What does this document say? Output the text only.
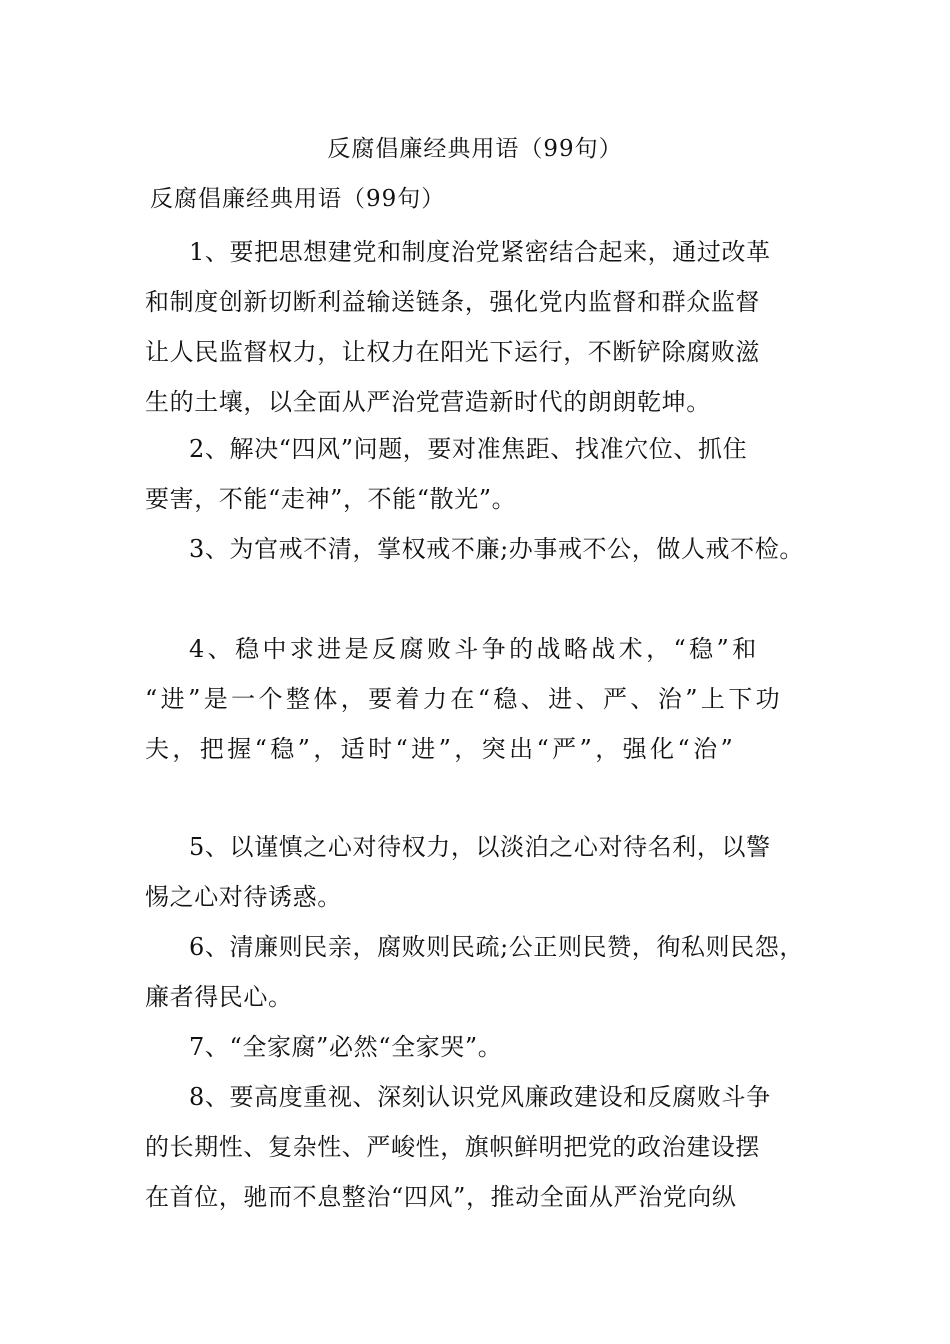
反腐倡廉经典用语（99句）
反腐倡廉经典用语（99句）
1、要把思想建党和制度治党紧密结合起来，通过改革
和制度创新切断利益输送链条，强化党内监督和群众监督
让人民监督权力，让权力在阳光下运行，不断铲除腐败滋
生的土壤，以全面从严治党营造新时代的朗朗乾坤。
2、解决“四风”问题，要对准焦距、找准穴位、抓住
要害，不能“走神”，不能“散光”。
3、为官戒不清，掌权戒不廉;办事戒不公，做人戒不检。
4、稳中求进是反腐败斗争的战略战术，“稳”和
“进”是一个整体，要着力在“稳、进、严、治”上下功
夫，把握“稳”，适时“进”，突出“严”，强化“治”
5、以谨慎之心对待权力，以淡泊之心对待名利，以警
惕之心对待诱惑。
6、清廉则民亲，腐败则民疏;公正则民赞，徇私则民怨，
廉者得民心。
7、“全家腐”必然“全家哭”。
8、要高度重视、深刻认识党风廉政建设和反腐败斗争
的长期性、复杂性、严峻性，旗帜鲜明把党的政治建设摆
在首位，驰而不息整治“四风”，推动全面从严治党向纵
